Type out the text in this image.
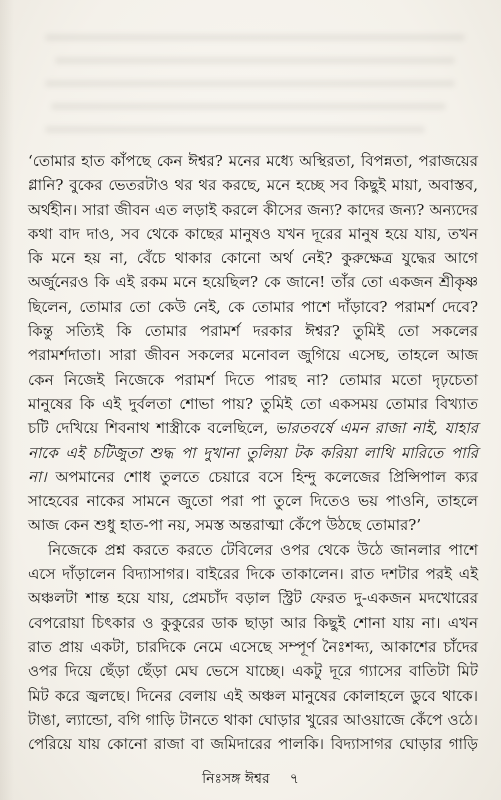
‘তোমার হাত কাঁপছে কেন ঈশ্বর? মনের মধ্যে অস্থিরতা, বিপন্নতা, পরাজয়ের
গ্লানি? বুকের ভেতরটাও থর থর করছে, মনে হচ্ছে সব কিছুই মায়া, অবাস্তব,
অর্থহীন। সারা জীবন এত লড়াই করলে কীসের জন্য? কাদের জন্য? অন্যদের
কথা বাদ দাও, সব থেকে কাছের মানুষও যখন দূরের মানুষ হয়ে যায়, তখন
কি মনে হয় না, বেঁচে থাকার কোনো অর্থ নেই? কুরুক্ষেত্র যুদ্ধের আগে
অর্জুনেরও কি এই রকম মনে হয়েছিল? কে জানে! তাঁর তো একজন শ্রীকৃষ্ণ
ছিলেন, তোমার তো কেউ নেই, কে তোমার পাশে দাঁড়াবে? পরামর্শ দেবে?
কিন্তু সত্যিই কি তোমার পরামর্শ দরকার ঈশ্বর? তুমিই তো সকলের
পরামর্শদাতা। সারা জীবন সকলের মনোবল জুগিয়ে এসেছ, তাহলে আজ
কেন নিজেই নিজেকে পরামর্শ দিতে পারছ না? তোমার মতো দৃঢ়চেতা
মানুষের কি এই দুর্বলতা শোভা পায়? তুমিই তো একসময় তোমার বিখ্যাত
চটি দেখিয়ে শিবনাথ শাস্ত্রীকে বলেছিলে, ভারতবর্ষে এমন রাজা নাই, যাহার
নাকে এই চটিজুতা শুদ্ধ পা দুখানা তুলিয়া টক করিয়া লাথি মারিতে পারি
না। অপমানের শোধ তুলতে চেয়ারে বসে হিন্দু কলেজের প্রিন্সিপাল ক্যর
সাহেবের নাকের সামনে জুতো পরা পা তুলে দিতেও ভয় পাওনি, তাহলে
আজ কেন শুধু হাত-পা নয়, সমস্ত অন্তরাত্মা কেঁপে উঠছে তোমার?’
নিজেকে প্রশ্ন করতে করতে টেবিলের ওপর থেকে উঠে জানলার পাশে
এসে দাঁড়ালেন বিদ্যাসাগর। বাইরের দিকে তাকালেন। রাত দশটার পরই এই
অঞ্চলটা শান্ত হয়ে যায়, প্রেমচাঁদ বড়াল স্ট্রিট ফেরত দু-একজন মদখোরের
বেপরোয়া চিৎকার ও কুকুরের ডাক ছাড়া আর কিছুই শোনা যায় না। এখন
রাত প্রায় একটা, চারদিকে নেমে এসেছে সম্পূর্ণ নৈঃশব্দ্য, আকাশের চাঁদের
ওপর দিয়ে ছেঁড়া ছেঁড়া মেঘ ভেসে যাচ্ছে। একটু দূরে গ্যাসের বাতিটা মিট
মিট করে জ্বলছে। দিনের বেলায় এই অঞ্চল মানুষের কোলাহলে ডুবে থাকে।
টাঙা, ল্যান্ডো, বগি গাড়ি টানতে থাকা ঘোড়ার খুরের আওয়াজে কেঁপে ওঠে।
পেরিয়ে যায় কোনো রাজা বা জমিদারের পালকি। বিদ্যাসাগর ঘোড়ার গাড়ি
নিঃসঙ্গ ঈশ্বর ৭
